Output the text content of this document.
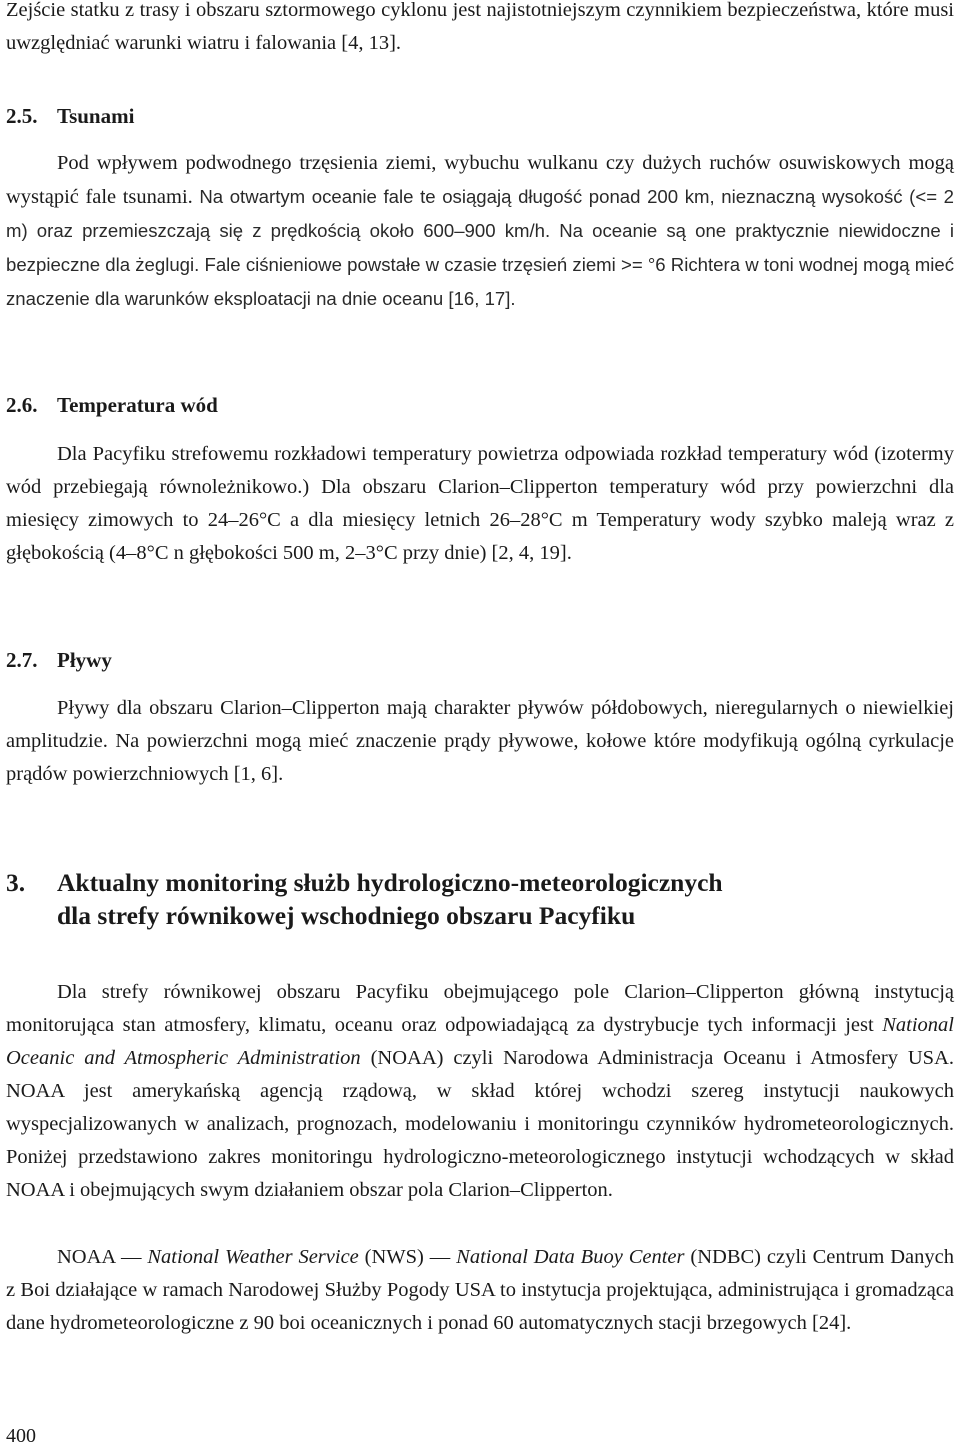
Zejście statku z trasy i obszaru sztormowego cyklonu jest najistotniejszym czynnikiem bezpieczeństwa, które musi uwzględniać warunki wiatru i falowania [4, 13].

2.5. Tsunami

Pod wpływem podwodnego trzęsienia ziemi, wybuchu wulkanu czy dużych ruchów osuwiskowych mogą wystąpić fale tsunami. Na otwartym oceanie fale te osiągają długość ponad 200 km, nieznaczną wysokość (<= 2 m) oraz przemieszczają się z prędkością około 600–900 km/h. Na oceanie są one praktycznie niewidoczne i bezpieczne dla żeglugi. Fale ciśnieniowe powstałe w czasie trzęsień ziemi >= °6 Richtera w toni wodnej mogą mieć znaczenie dla warunków eksploatacji na dnie oceanu [16, 17].

2.6. Temperatura wód

Dla Pacyfiku strefowemu rozkładowi temperatury powietrza odpowiada rozkład temperatury wód (izotermy wód przebiegają równoleżnikowo.) Dla obszaru Clarion–Clipperton temperatury wód przy powierzchni dla miesięcy zimowych to 24–26°C a dla miesięcy letnich 26–28°C m Temperatury wody szybko maleją wraz z głębokością (4–8°C n głębokości 500 m, 2–3°C przy dnie) [2, 4, 19].

2.7. Pływy

Pływy dla obszaru Clarion–Clipperton mają charakter pływów półdobowych, nieregularnych o niewielkiej amplitudzie. Na powierzchni mogą mieć znaczenie prądy pływowe, kołowe które modyfikują ogólną cyrkulacje prądów powierzchniowych [1, 6].

3.	Aktualny monitoring służb hydrologiczno-meteorologicznych
dla strefy równikowej wschodniego obszaru Pacyfiku

Dla strefy równikowej obszaru Pacyfiku obejmującego pole Clarion–Clipperton główną instytucją monitorująca stan atmosfery, klimatu, oceanu oraz odpowiadającą za dystrybucje tych informacji jest National Oceanic and Atmospheric Administration (NOAA) czyli Narodowa Administracja Oceanu i Atmosfery USA. NOAA jest amerykańską agencją rządową, w skład której wchodzi szereg instytucji naukowych wyspecjalizowanych w analizach, prognozach, modelowaniu i monitoringu czynników hydrometeorologicznych. Poniżej przedstawiono zakres monitoringu hydrologiczno-meteorologicznego instytucji wchodzących w skład NOAA i obejmujących swym działaniem obszar pola Clarion–Clipperton.

NOAA — National Weather Service (NWS) — National Data Buoy Center (NDBC) czyli Centrum Danych z Boi działające w ramach Narodowej Służby Pogody USA to instytucja projektująca, administrująca i gromadząca dane hydrometeorologiczne z 90 boi oceanicznych i ponad 60 automatycznych stacji brzegowych [24].

400
